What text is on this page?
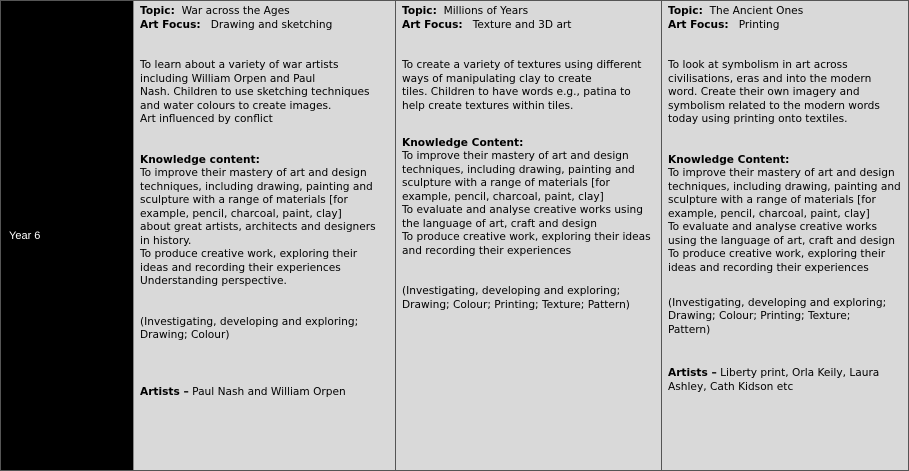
Year 6
Topic: War across the Ages
Art Focus: Drawing and sketching
To learn about a variety of war artists
including William Orpen and Paul
Nash. Children to use sketching techniques
and water colours to create images.
Art influenced by conflict
Knowledge content:
To improve their mastery of art and design
techniques, including drawing, painting and
sculpture with a range of materials [for
example, pencil, charcoal, paint, clay]
about great artists, architects and designers
in history.
To produce creative work, exploring their
ideas and recording their experiences
Understanding perspective.
(Investigating, developing and exploring;
Drawing; Colour)
Artists – Paul Nash and William Orpen
Topic: Millions of Years
Art Focus: Texture and 3D art
To create a variety of textures using different
ways of manipulating clay to create
tiles. Children to have words e.g., patina to
help create textures within tiles.
Knowledge Content:
To improve their mastery of art and design
techniques, including drawing, painting and
sculpture with a range of materials [for
example, pencil, charcoal, paint, clay]
To evaluate and analyse creative works using
the language of art, craft and design
To produce creative work, exploring their ideas
and recording their experiences
(Investigating, developing and exploring;
Drawing; Colour; Printing; Texture; Pattern)
Topic: The Ancient Ones
Art Focus: Printing
To look at symbolism in art across
civilisations, eras and into the modern
word. Create their own imagery and
symbolism related to the modern words
today using printing onto textiles.
Knowledge Content:
To improve their mastery of art and design
techniques, including drawing, painting and
sculpture with a range of materials [for
example, pencil, charcoal, paint, clay]
To evaluate and analyse creative works
using the language of art, craft and design
To produce creative work, exploring their
ideas and recording their experiences
(Investigating, developing and exploring;
Drawing; Colour; Printing; Texture;
Pattern)
Artists – Liberty print, Orla Keily, Laura
Ashley, Cath Kidson etc
